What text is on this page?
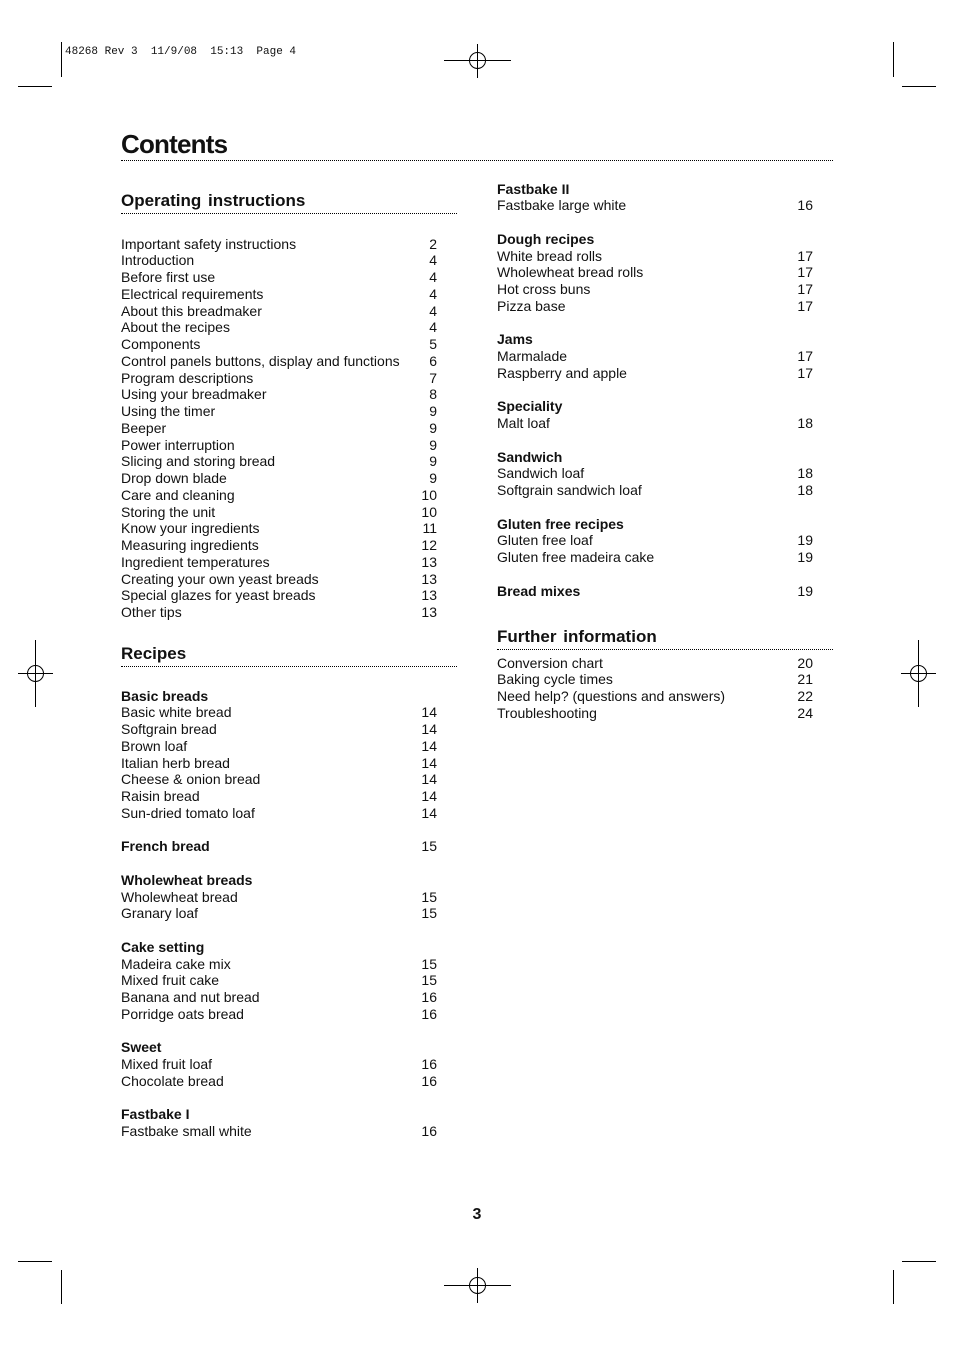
48268 Rev 3  11/9/08  15:13  Page 4
Contents
Operating instructions
Important safety instructions	2
Introduction	4
Before first use	4
Electrical requirements	4
About this breadmaker	4
About the recipes	4
Components	5
Control panels buttons, display and functions 6
Program descriptions	7
Using your breadmaker	8
Using the timer	9
Beeper	9
Power interruption	9
Slicing and storing bread	9
Drop down blade	9
Care and cleaning	10
Storing the unit	10
Know your ingredients	11
Measuring ingredients	12
Ingredient temperatures	13
Creating your own yeast breads	13
Special glazes for yeast breads	13
Other tips	13
Recipes
Basic breads
Basic white bread	14
Softgrain bread	14
Brown loaf	14
Italian herb bread	14
Cheese & onion bread	14
Raisin bread	14
Sun-dried tomato loaf	14
French bread	15
Wholewheat breads
Wholewheat bread	15
Granary loaf	15
Cake setting
Madeira cake mix	15
Mixed fruit cake	15
Banana and nut bread	16
Porridge oats bread	16
Sweet
Mixed fruit loaf	16
Chocolate bread	16
Fastbake I
Fastbake small white	16
Fastbake II
Fastbake large white	16
Dough recipes
White bread rolls	17
Wholewheat bread rolls	17
Hot cross buns	17
Pizza base	17
Jams
Marmalade	17
Raspberry and apple	17
Speciality
Malt loaf	18
Sandwich
Sandwich loaf	18
Softgrain sandwich loaf	18
Gluten free recipes
Gluten free loaf	19
Gluten free madeira cake	19
Bread mixes	19
Further information
Conversion chart	20
Baking cycle times	21
Need help? (questions and answers)	22
Troubleshooting	24
3
